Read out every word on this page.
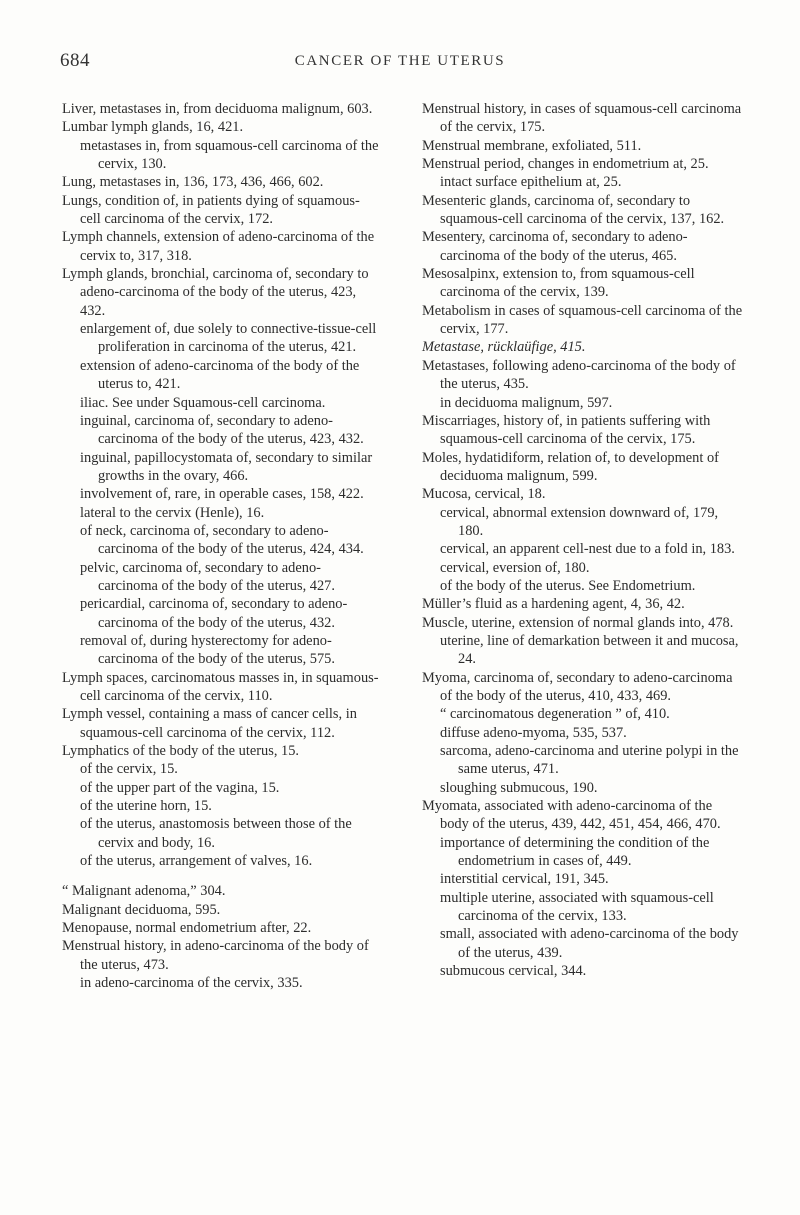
684	CANCER OF THE UTERUS

Liver, metastases in, from deciduoma malignum, 603.

Lumbar lymph glands, 16, 421.

metastases in, from squamous-cell carcinoma of the cervix, 130.

Lung, metastases in, 136, 173, 436, 466, 602.

Lungs, condition of, in patients dying of squamous-cell carcinoma of the cervix, 172.

Lymph channels, extension of adeno-carcinoma of the cervix to, 317, 318.

Lymph glands, bronchial, carcinoma of, secondary to adeno-carcinoma of the body of the uterus, 423, 432.

enlargement of, due solely to connective-tissue-cell proliferation in carcinoma of the uterus, 421.

extension of adeno-carcinoma of the body of the uterus to, 421.

iliac. See under Squamous-cell carcinoma.

inguinal, carcinoma of, secondary to adeno-carcinoma of the body of the uterus, 423, 432.

inguinal, papillocystomata of, secondary to similar growths in the ovary, 466.

involvement of, rare, in operable cases, 158, 422.

lateral to the cervix (Henle), 16.

of neck, carcinoma of, secondary to adeno-carcinoma of the body of the uterus, 424, 434.

pelvic, carcinoma of, secondary to adeno-carcinoma of the body of the uterus, 427.

pericardial, carcinoma of, secondary to adeno-carcinoma of the body of the uterus, 432.

removal of, during hysterectomy for adeno-carcinoma of the body of the uterus, 575.

Lymph spaces, carcinomatous masses in, in squamous-cell carcinoma of the cervix, 110.

Lymph vessel, containing a mass of cancer cells, in squamous-cell carcinoma of the cervix, 112.

Lymphatics of the body of the uterus, 15.

of the cervix, 15.

of the upper part of the vagina, 15.

of the uterine horn, 15.

of the uterus, anastomosis between those of the cervix and body, 16.

of the uterus, arrangement of valves, 16.

“ Malignant adenoma,” 304.

Malignant deciduoma, 595.

Menopause, normal endometrium after, 22.

Menstrual history, in adeno-carcinoma of the body of the uterus, 473.

in adeno-carcinoma of the cervix, 335.

Menstrual history, in cases of squamous-cell carcinoma of the cervix, 175.

Menstrual membrane, exfoliated, 511.

Menstrual period, changes in endometrium at, 25.

intact surface epithelium at, 25.

Mesenteric glands, carcinoma of, secondary to squamous-cell carcinoma of the cervix, 137, 162.

Mesentery, carcinoma of, secondary to adeno-carcinoma of the body of the uterus, 465.

Mesosalpinx, extension to, from squamous-cell carcinoma of the cervix, 139.

Metabolism in cases of squamous-cell carcinoma of the cervix, 177.

Metastase, rücklaüfige, 415.

Metastases, following adeno-carcinoma of the body of the uterus, 435.

in deciduoma malignum, 597.

Miscarriages, history of, in patients suffering with squamous-cell carcinoma of the cervix, 175.

Moles, hydatidiform, relation of, to development of deciduoma malignum, 599.

Mucosa, cervical, 18.

cervical, abnormal extension downward of, 179, 180.

cervical, an apparent cell-nest due to a fold in, 183.

cervical, eversion of, 180.

of the body of the uterus. See Endometrium.

Müller’s fluid as a hardening agent, 4, 36, 42.

Muscle, uterine, extension of normal glands into, 478.

uterine, line of demarkation between it and mucosa, 24.

Myoma, carcinoma of, secondary to adeno-carcinoma of the body of the uterus, 410, 433, 469.

“ carcinomatous degeneration ” of, 410.

diffuse adeno-myoma, 535, 537.

sarcoma, adeno-carcinoma and uterine polypi in the same uterus, 471.

sloughing submucous, 190.

Myomata, associated with adeno-carcinoma of the body of the uterus, 439, 442, 451, 454, 466, 470.

importance of determining the condition of the endometrium in cases of, 449.

interstitial cervical, 191, 345.

multiple uterine, associated with squamous-cell carcinoma of the cervix, 133.

small, associated with adeno-carcinoma of the body of the uterus, 439.

submucous cervical, 344.
